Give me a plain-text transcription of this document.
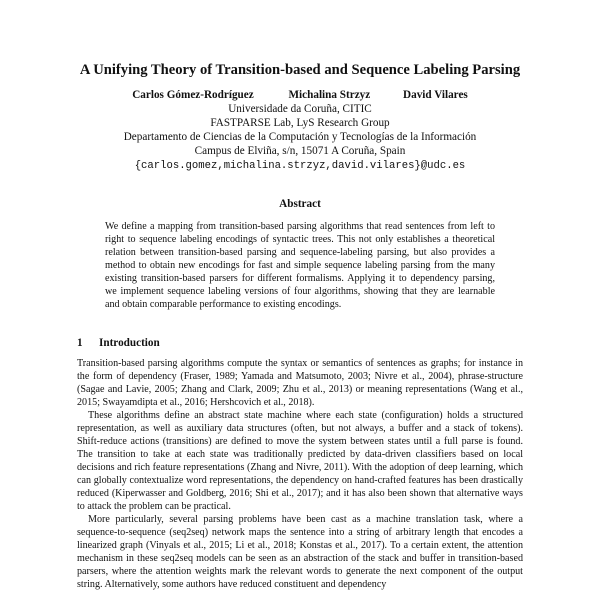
A Unifying Theory of Transition-based and Sequence Labeling Parsing
Carlos Gómez-Rodríguez	Michalina Strzyz	David Vilares
Universidade da Coruña, CITIC
FASTPARSE Lab, LyS Research Group
Departamento de Ciencias de la Computación y Tecnologías de la Información
Campus de Elviña, s/n, 15071 A Coruña, Spain
{carlos.gomez,michalina.strzyz,david.vilares}@udc.es
Abstract
We define a mapping from transition-based parsing algorithms that read sentences from left to right to sequence labeling encodings of syntactic trees. This not only establishes a theoretical relation between transition-based parsing and sequence-labeling parsing, but also provides a method to obtain new encodings for fast and simple sequence labeling parsing from the many existing transition-based parsers for different formalisms. Applying it to dependency parsing, we implement sequence labeling versions of four algorithms, showing that they are learnable and obtain comparable performance to existing encodings.
1 Introduction

Transition-based parsing algorithms compute the syntax or semantics of sentences as graphs; for instance in the form of dependency (Fraser, 1989; Yamada and Matsumoto, 2003; Nivre et al., 2004), phrase-structure (Sagae and Lavie, 2005; Zhang and Clark, 2009; Zhu et al., 2013) or meaning representations (Wang et al., 2015; Swayamdipta et al., 2016; Hershcovich et al., 2018).

These algorithms define an abstract state machine where each state (configuration) holds a structured representation, as well as auxiliary data structures (often, but not always, a buffer and a stack of tokens). Shift-reduce actions (transitions) are defined to move the system between states until a full parse is found. The transition to take at each state was traditionally predicted by data-driven classifiers based on local decisions and rich feature representations (Zhang and Nivre, 2011). With the adoption of deep learning, which can globally contextualize word representations, the dependency on hand-crafted features has been drastically reduced (Kiperwasser and Goldberg, 2016; Shi et al., 2017); and it has also been shown that alternative ways to attack the problem can be practical.

More particularly, several parsing problems have been cast as a machine translation task, where a sequence-to-sequence (seq2seq) network maps the sentence into a string of arbitrary length that encodes a linearized graph (Vinyals et al., 2015; Li et al., 2018; Konstas et al., 2017). To a certain extent, the attention mechanism in these seq2seq models can be seen as an abstraction of the stack and buffer in transition-based parsers, where the attention weights mark the relevant words to generate the next component of the output string. Alternatively, some authors have reduced constituent and dependency
